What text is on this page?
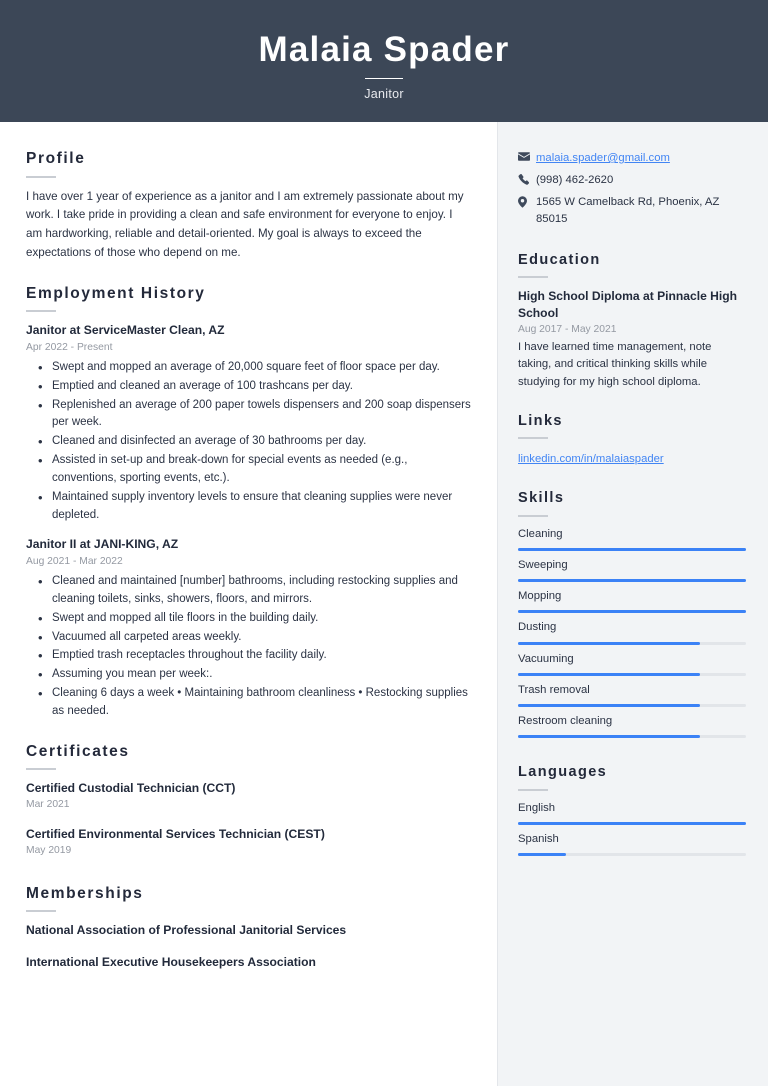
Malaia Spader
Janitor
Profile
I have over 1 year of experience as a janitor and I am extremely passionate about my work. I take pride in providing a clean and safe environment for everyone to enjoy. I am hardworking, reliable and detail-oriented. My goal is always to exceed the expectations of those who depend on me.
Employment History
Janitor at ServiceMaster Clean, AZ
Apr 2022 - Present
• Swept and mopped an average of 20,000 square feet of floor space per day.
• Emptied and cleaned an average of 100 trashcans per day.
• Replenished an average of 200 paper towels dispensers and 200 soap dispensers per week.
• Cleaned and disinfected an average of 30 bathrooms per day.
• Assisted in set-up and break-down for special events as needed (e.g., conventions, sporting events, etc.).
• Maintained supply inventory levels to ensure that cleaning supplies were never depleted.
Janitor II at JANI-KING, AZ
Aug 2021 - Mar 2022
• Cleaned and maintained [number] bathrooms, including restocking supplies and cleaning toilets, sinks, showers, floors, and mirrors.
• Swept and mopped all tile floors in the building daily.
• Vacuumed all carpeted areas weekly.
• Emptied trash receptacles throughout the facility daily.
• Assuming you mean per week:.
• Cleaning 6 days a week • Maintaining bathroom cleanliness • Restocking supplies as needed.
Certificates
Certified Custodial Technician (CCT)
Mar 2021
Certified Environmental Services Technician (CEST)
May 2019
Memberships
National Association of Professional Janitorial Services
International Executive Housekeepers Association
malaia.spader@gmail.com
(998) 462-2620
1565 W Camelback Rd, Phoenix, AZ 85015
Education
High School Diploma at Pinnacle High School
Aug 2017 - May 2021
I have learned time management, note taking, and critical thinking skills while studying for my high school diploma.
Links
linkedin.com/in/malaiaspader
Skills
Cleaning
Sweeping
Mopping
Dusting
Vacuuming
Trash removal
Restroom cleaning
Languages
English
Spanish
